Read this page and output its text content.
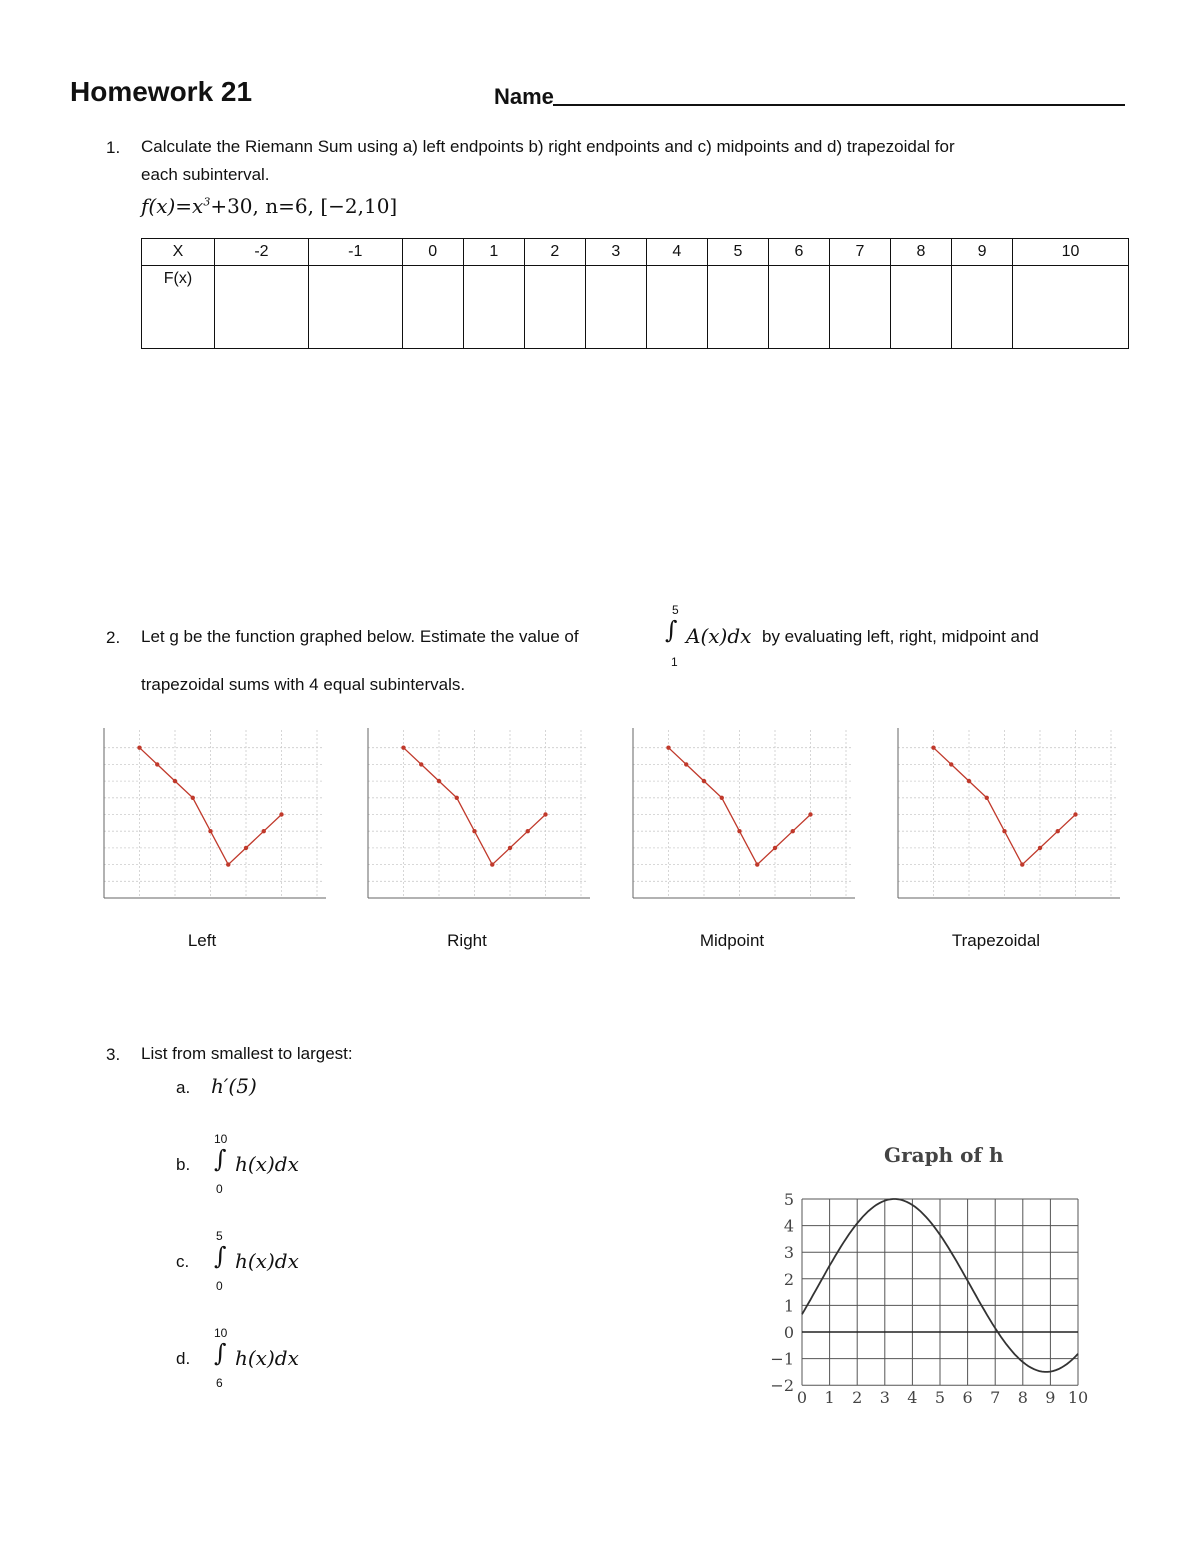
Homework 21	Name
1. Calculate the Riemann Sum using a) left endpoints b) right endpoints and c) midpoints and d) trapezoidal for
each subinterval.
$f(x)=x^3+30$, n=6, [−2,10]
X	-2	-1	0	1	2	3	4	5	6	7	8	9	10
F(x)													
2. Let g be the function graphed below. Estimate the value of
5
∫
1
A(x)dx by evaluating left, right, midpoint and
trapezoidal sums with 4 equal subintervals.
Left	Right	Midpoint	Trapezoidal
3. List from smallest to largest:
a. h′(5)
b.
10
∫
0
h(x)dx
c.
5
∫
0
h(x)dx
d.
10
∫
6
h(x)dx
Graph of h
0 1 2 3 4 5 6 7 8 9 10
5
4
3
2
1
0
−1
−2
